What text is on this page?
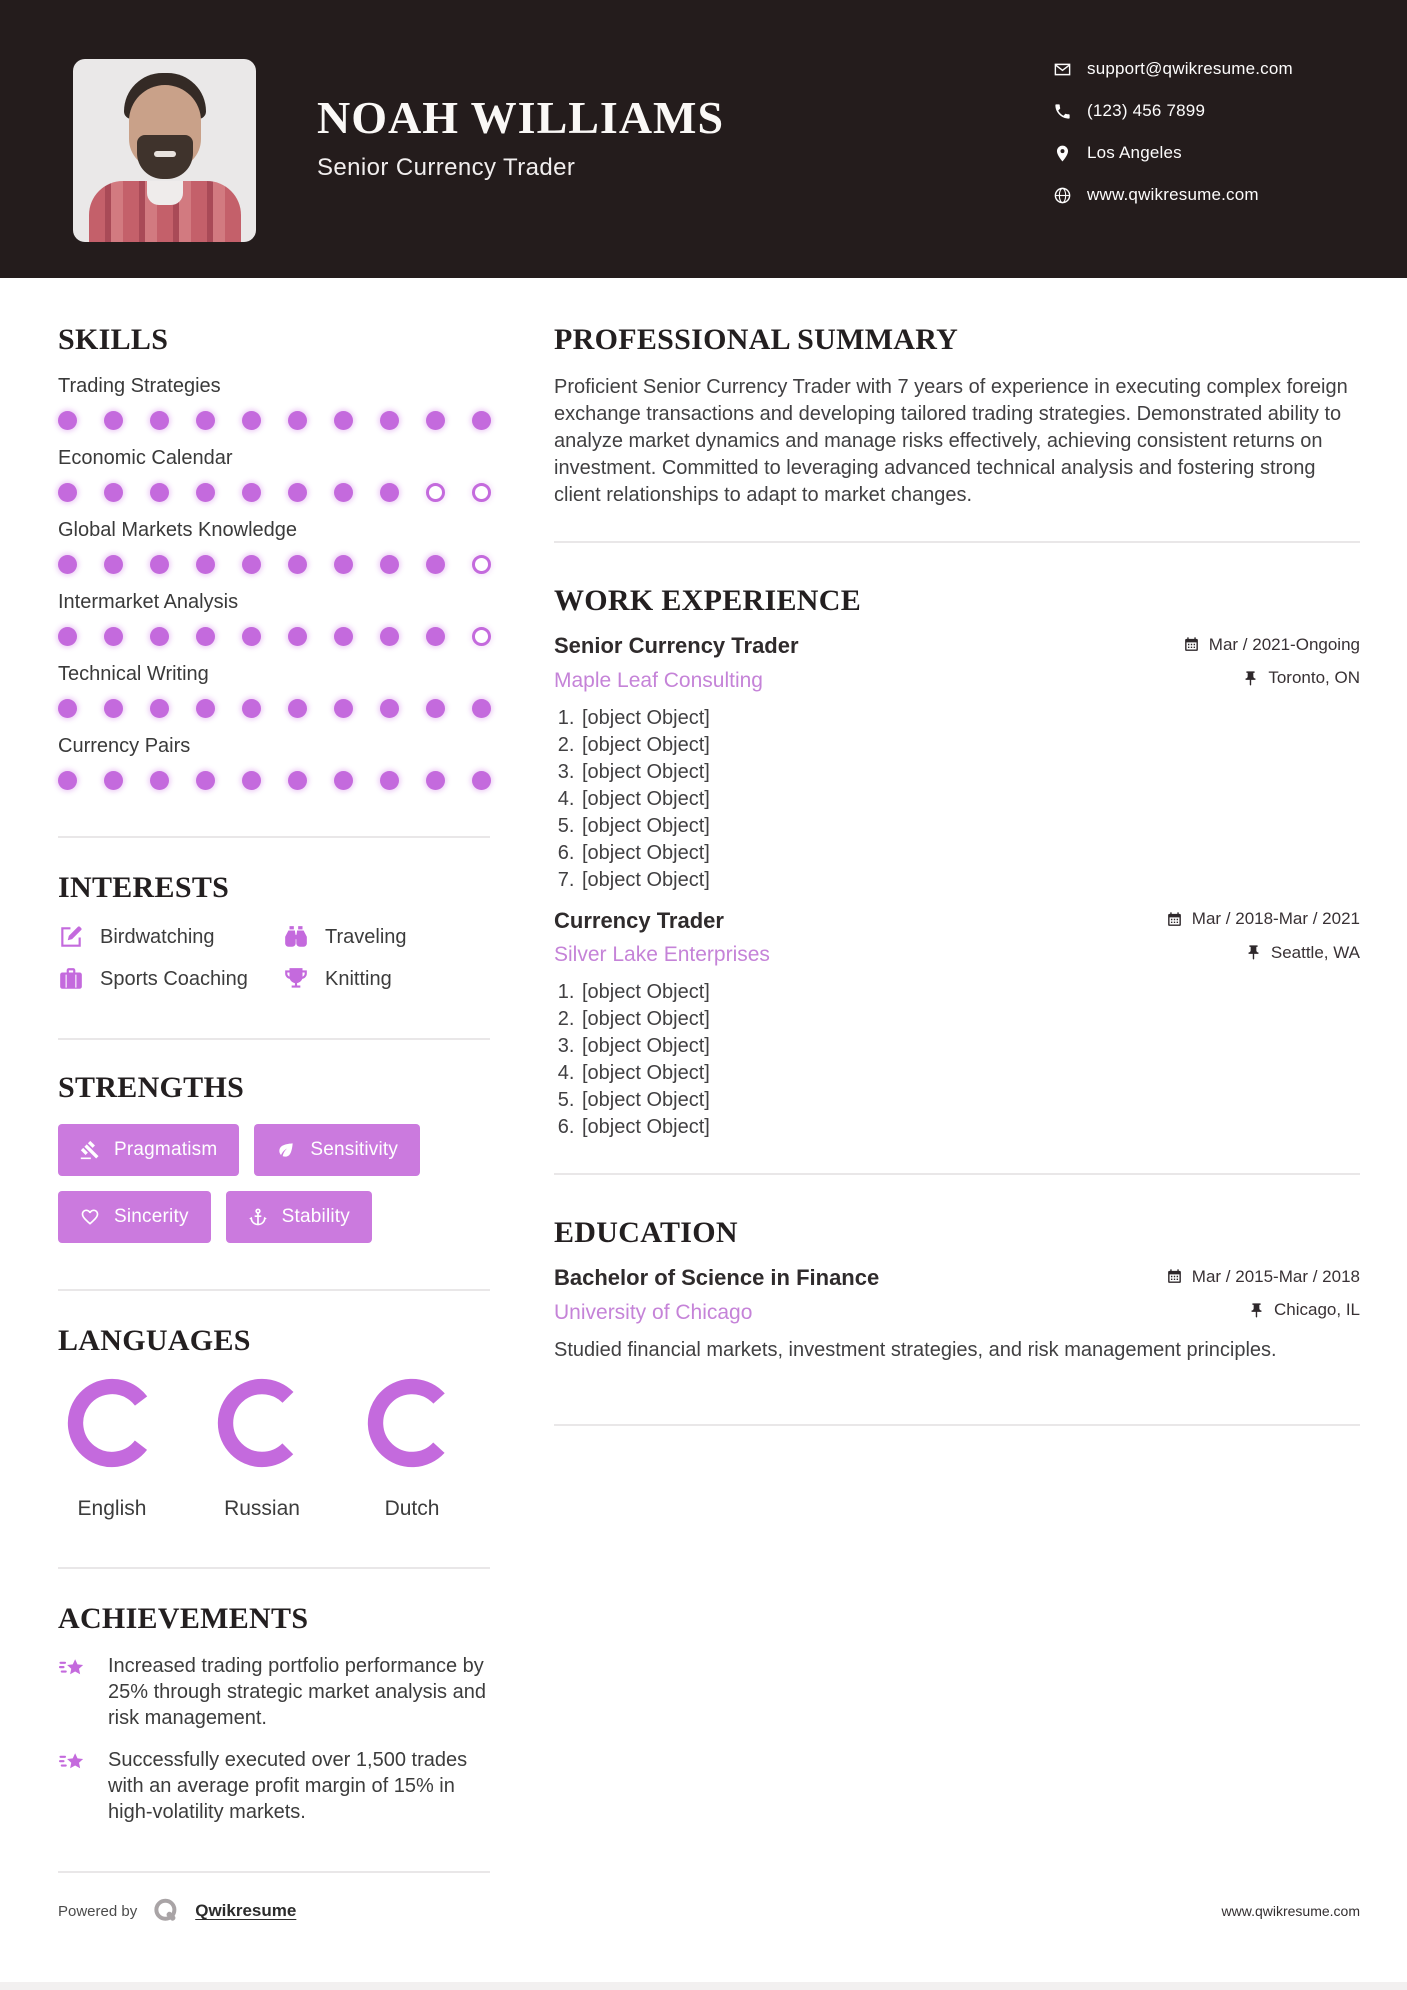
NOAH WILLIAMS
Senior Currency Trader
support@qwikresume.com
(123) 456 7899
Los Angeles
www.qwikresume.com
SKILLS
Trading Strategies
Economic Calendar
Global Markets Knowledge
Intermarket Analysis
Technical Writing
Currency Pairs
INTERESTS
Birdwatching	Traveling
Sports Coaching	Knitting
STRENGTHS
Pragmatism	Sensitivity
Sincerity	Stability
LANGUAGES
English	Russian	Dutch
ACHIEVEMENTS
Increased trading portfolio performance by 25% through strategic market analysis and risk management.
Successfully executed over 1,500 trades with an average profit margin of 15% in high-volatility markets.
PROFESSIONAL SUMMARY

Proficient Senior Currency Trader with 7 years of experience in executing complex foreign exchange transactions and developing tailored trading strategies. Demonstrated ability to analyze market dynamics and manage risks effectively, achieving consistent returns on investment. Committed to leveraging advanced technical analysis and fostering strong client relationships to adapt to market changes.

WORK EXPERIENCE
Senior Currency Trader	Mar / 2021-Ongoing
Maple Leaf Consulting	Toronto, ON
1. [object Object]
2. [object Object]
3. [object Object]
4. [object Object]
5. [object Object]
6. [object Object]
7. [object Object]
Currency Trader	Mar / 2018-Mar / 2021
Silver Lake Enterprises	Seattle, WA
1. [object Object]
2. [object Object]
3. [object Object]
4. [object Object]
5. [object Object]
6. [object Object]
EDUCATION
Bachelor of Science in Finance	Mar / 2015-Mar / 2018
University of Chicago	Chicago, IL

Studied financial markets, investment strategies, and risk management principles.

Powered by	Qwikresume	www.qwikresume.com
